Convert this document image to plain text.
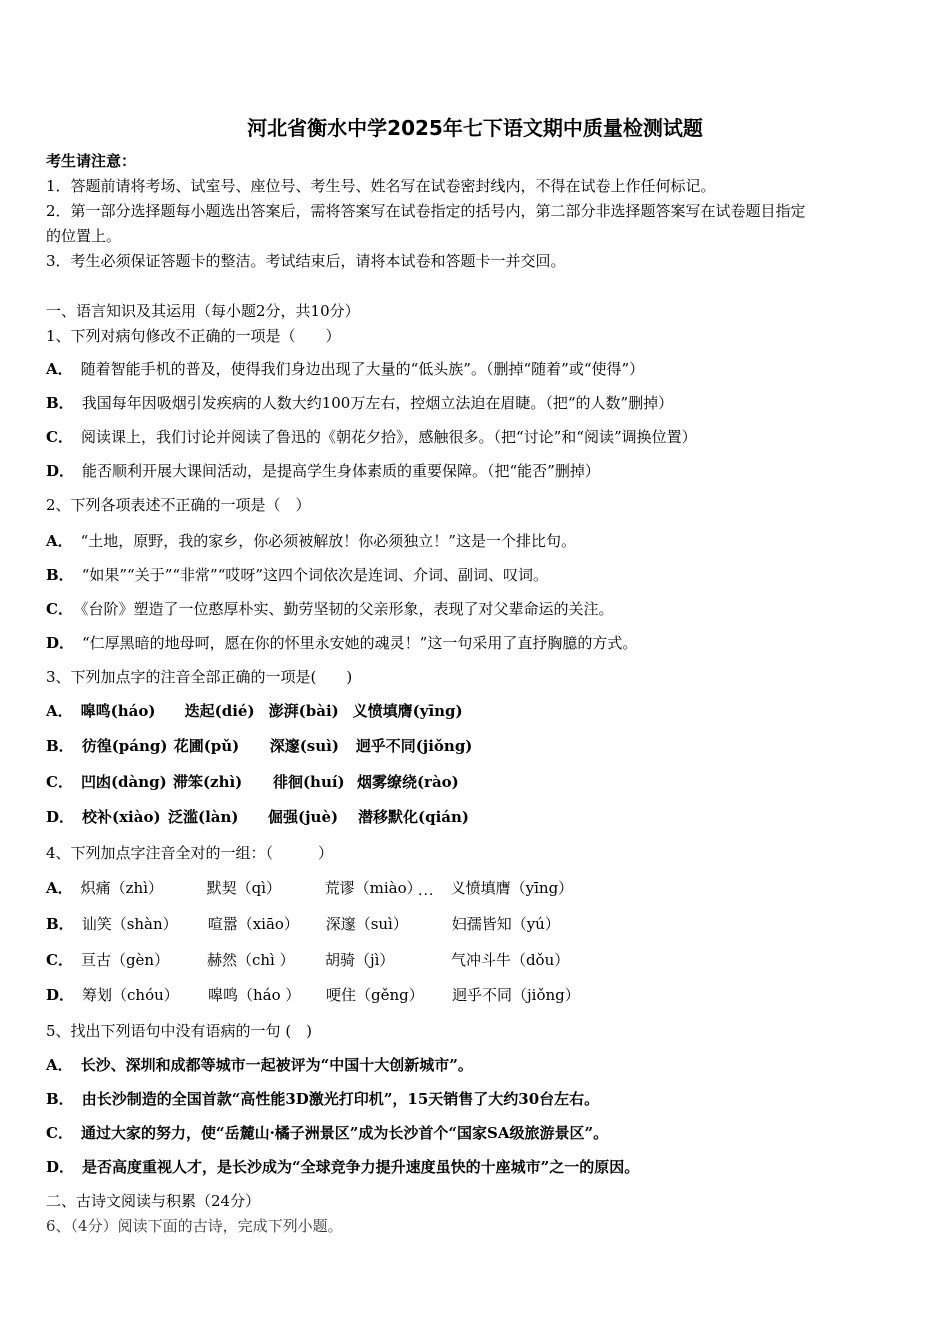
河北省衡水中学2025年七下语文期中质量检测试题
考生请注意：
1．答题前请将考场、试室号、座位号、考生号、姓名写在试卷密封线内，不得在试卷上作任何标记。
2．第一部分选择题每小题选出答案后，需将答案写在试卷指定的括号内，第二部分非选择题答案写在试卷题目指定
的位置上。
3．考生必须保证答题卡的整洁。考试结束后，请将本试卷和答题卡一并交回。
一、语言知识及其运用（每小题2分，共10分）
1、下列对病句修改不正确的一项是（　　）
A． 随着智能手机的普及，使得我们身边出现了大量的“低头族”。（删掉“随着”或“使得”）
B． 我国每年因吸烟引发疾病的人数大约100万左右，控烟立法迫在眉睫。（把“的人数”删掉）
C． 阅读课上，我们讨论并阅读了鲁迅的《朝花夕拾》，感触很多。（把“讨论”和“阅读”调换位置）
D． 能否顺利开展大课间活动，是提高学生身体素质的重要保障。（把“能否”删掉）
2、下列各项表述不正确的一项是（　）
A． “土地，原野，我的家乡，你必须被解放！你必须独立！”这是一个排比句。
B． “如果”“关于”“非常”“哎呀”这四个词依次是连词、介词、副词、叹词。
C． 《台阶》塑造了一位憨厚朴实、勤劳坚韧的父亲形象，表现了对父辈命运的关注。
D． “仁厚黑暗的地母呵，愿在你的怀里永安她的魂灵！”这一句采用了直抒胸臆的方式。
3、下列加点字的注音全部正确的一项是(　　)
A． 嗥鸣(háo) 迭起(dié) 澎湃(bài) 义愤填膺(yīng)
B． 彷徨(páng) 花圃(pǔ) 深邃(suì) 迥乎不同(jiǒng)
C． 凹凼(dàng) 滞笨(zhì) 徘徊(huí) 烟雾缭绕(rào)
D． 校补(xiào) 泛滥(làn) 倔强(juè) 潜移默化(qián)
4、下列加点字注音全对的一组：（　　　）
A． 炽痛（zhì）	默契（qì）	荒谬（miào） 义愤填膺（yīng）
...
B． 讪笑（shàn） 喧嚣（xiāo） 深邃（suì）	妇孺皆知（yú）
C． 亘古（gèn）	赫然（chì ） 胡骑（jì）	气冲斗牛（dǒu）
D． 筹划（chóu） 嗥鸣（háo ） 哽住（gěng） 迥乎不同（jiǒng）
5、找出下列语句中没有语病的一句 (　)
A． 长沙、深圳和成都等城市一起被评为“中国十大创新城市”。
B． 由长沙制造的全国首款“高性能3D激光打印机”，15天销售了大约30台左右。
C． 通过大家的努力，使“岳麓山·橘子洲景区”成为长沙首个“国家SA级旅游景区”。
D． 是否高度重视人才，是长沙成为“全球竞争力提升速度虽快的十座城市”之一的原因。
二、古诗文阅读与积累（24分）
6、（4分）阅读下面的古诗，完成下列小题。
